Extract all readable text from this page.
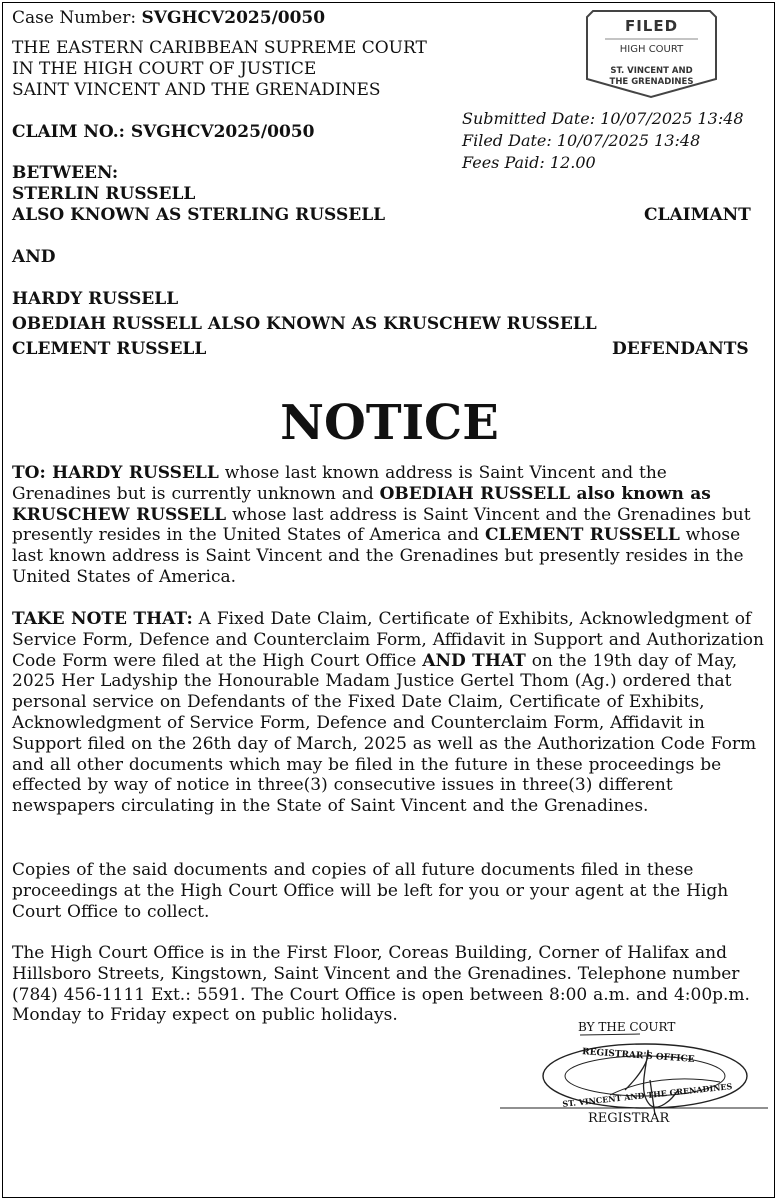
Case Number: SVGHCV2025/0050
THE EASTERN CARIBBEAN SUPREME COURT
IN THE HIGH COURT OF JUSTICE
SAINT VINCENT AND THE GRENADINES
CLAIM NO.: SVGHCV2025/0050
Submitted Date: 10/07/2025 13:48
Filed Date: 10/07/2025 13:48
Fees Paid: 12.00
FILED
HIGH COURT
ST. VINCENT AND
THE GRENADINES
BETWEEN:
STERLIN RUSSELL
ALSO KNOWN AS STERLING RUSSELL	CLAIMANT
AND
HARDY RUSSELL
OBEDIAH RUSSELL ALSO KNOWN AS KRUSCHEW RUSSELL
CLEMENT RUSSELL	DEFENDANTS
NOTICE
TO: HARDY RUSSELL whose last known address is Saint Vincent and the Grenadines but is currently unknown and OBEDIAH RUSSELL also known as KRUSCHEW RUSSELL whose last address is Saint Vincent and the Grenadines but presently resides in the United States of America and CLEMENT RUSSELL whose last known address is Saint Vincent and the Grenadines but presently resides in the United States of America.
TAKE NOTE THAT: A Fixed Date Claim, Certificate of Exhibits, Acknowledgment of Service Form, Defence and Counterclaim Form, Affidavit in Support and Authorization Code Form were filed at the High Court Office AND THAT on the 19th day of May, 2025 Her Ladyship the Honourable Madam Justice Gertel Thom (Ag.) ordered that personal service on Defendants of the Fixed Date Claim, Certificate of Exhibits, Acknowledgment of Service Form, Defence and Counterclaim Form, Affidavit in Support filed on the 26th day of March, 2025 as well as the Authorization Code Form and all other documents which may be filed in the future in these proceedings be effected by way of notice in three(3) consecutive issues in three(3) different newspapers circulating in the State of Saint Vincent and the Grenadines.
Copies of the said documents and copies of all future documents filed in these proceedings at the High Court Office will be left for you or your agent at the High Court Office to collect.
The High Court Office is in the First Floor, Coreas Building, Corner of Halifax and Hillsboro Streets, Kingstown, Saint Vincent and the Grenadines. Telephone number (784) 456-1111 Ext.: 5591. The Court Office is open between 8:00 a.m. and 4:00p.m. Monday to Friday expect on public holidays.
BY THE COURT
REGISTRAR'S OFFICE
ST. VINCENT AND THE GRENADINES
REGISTRAR
